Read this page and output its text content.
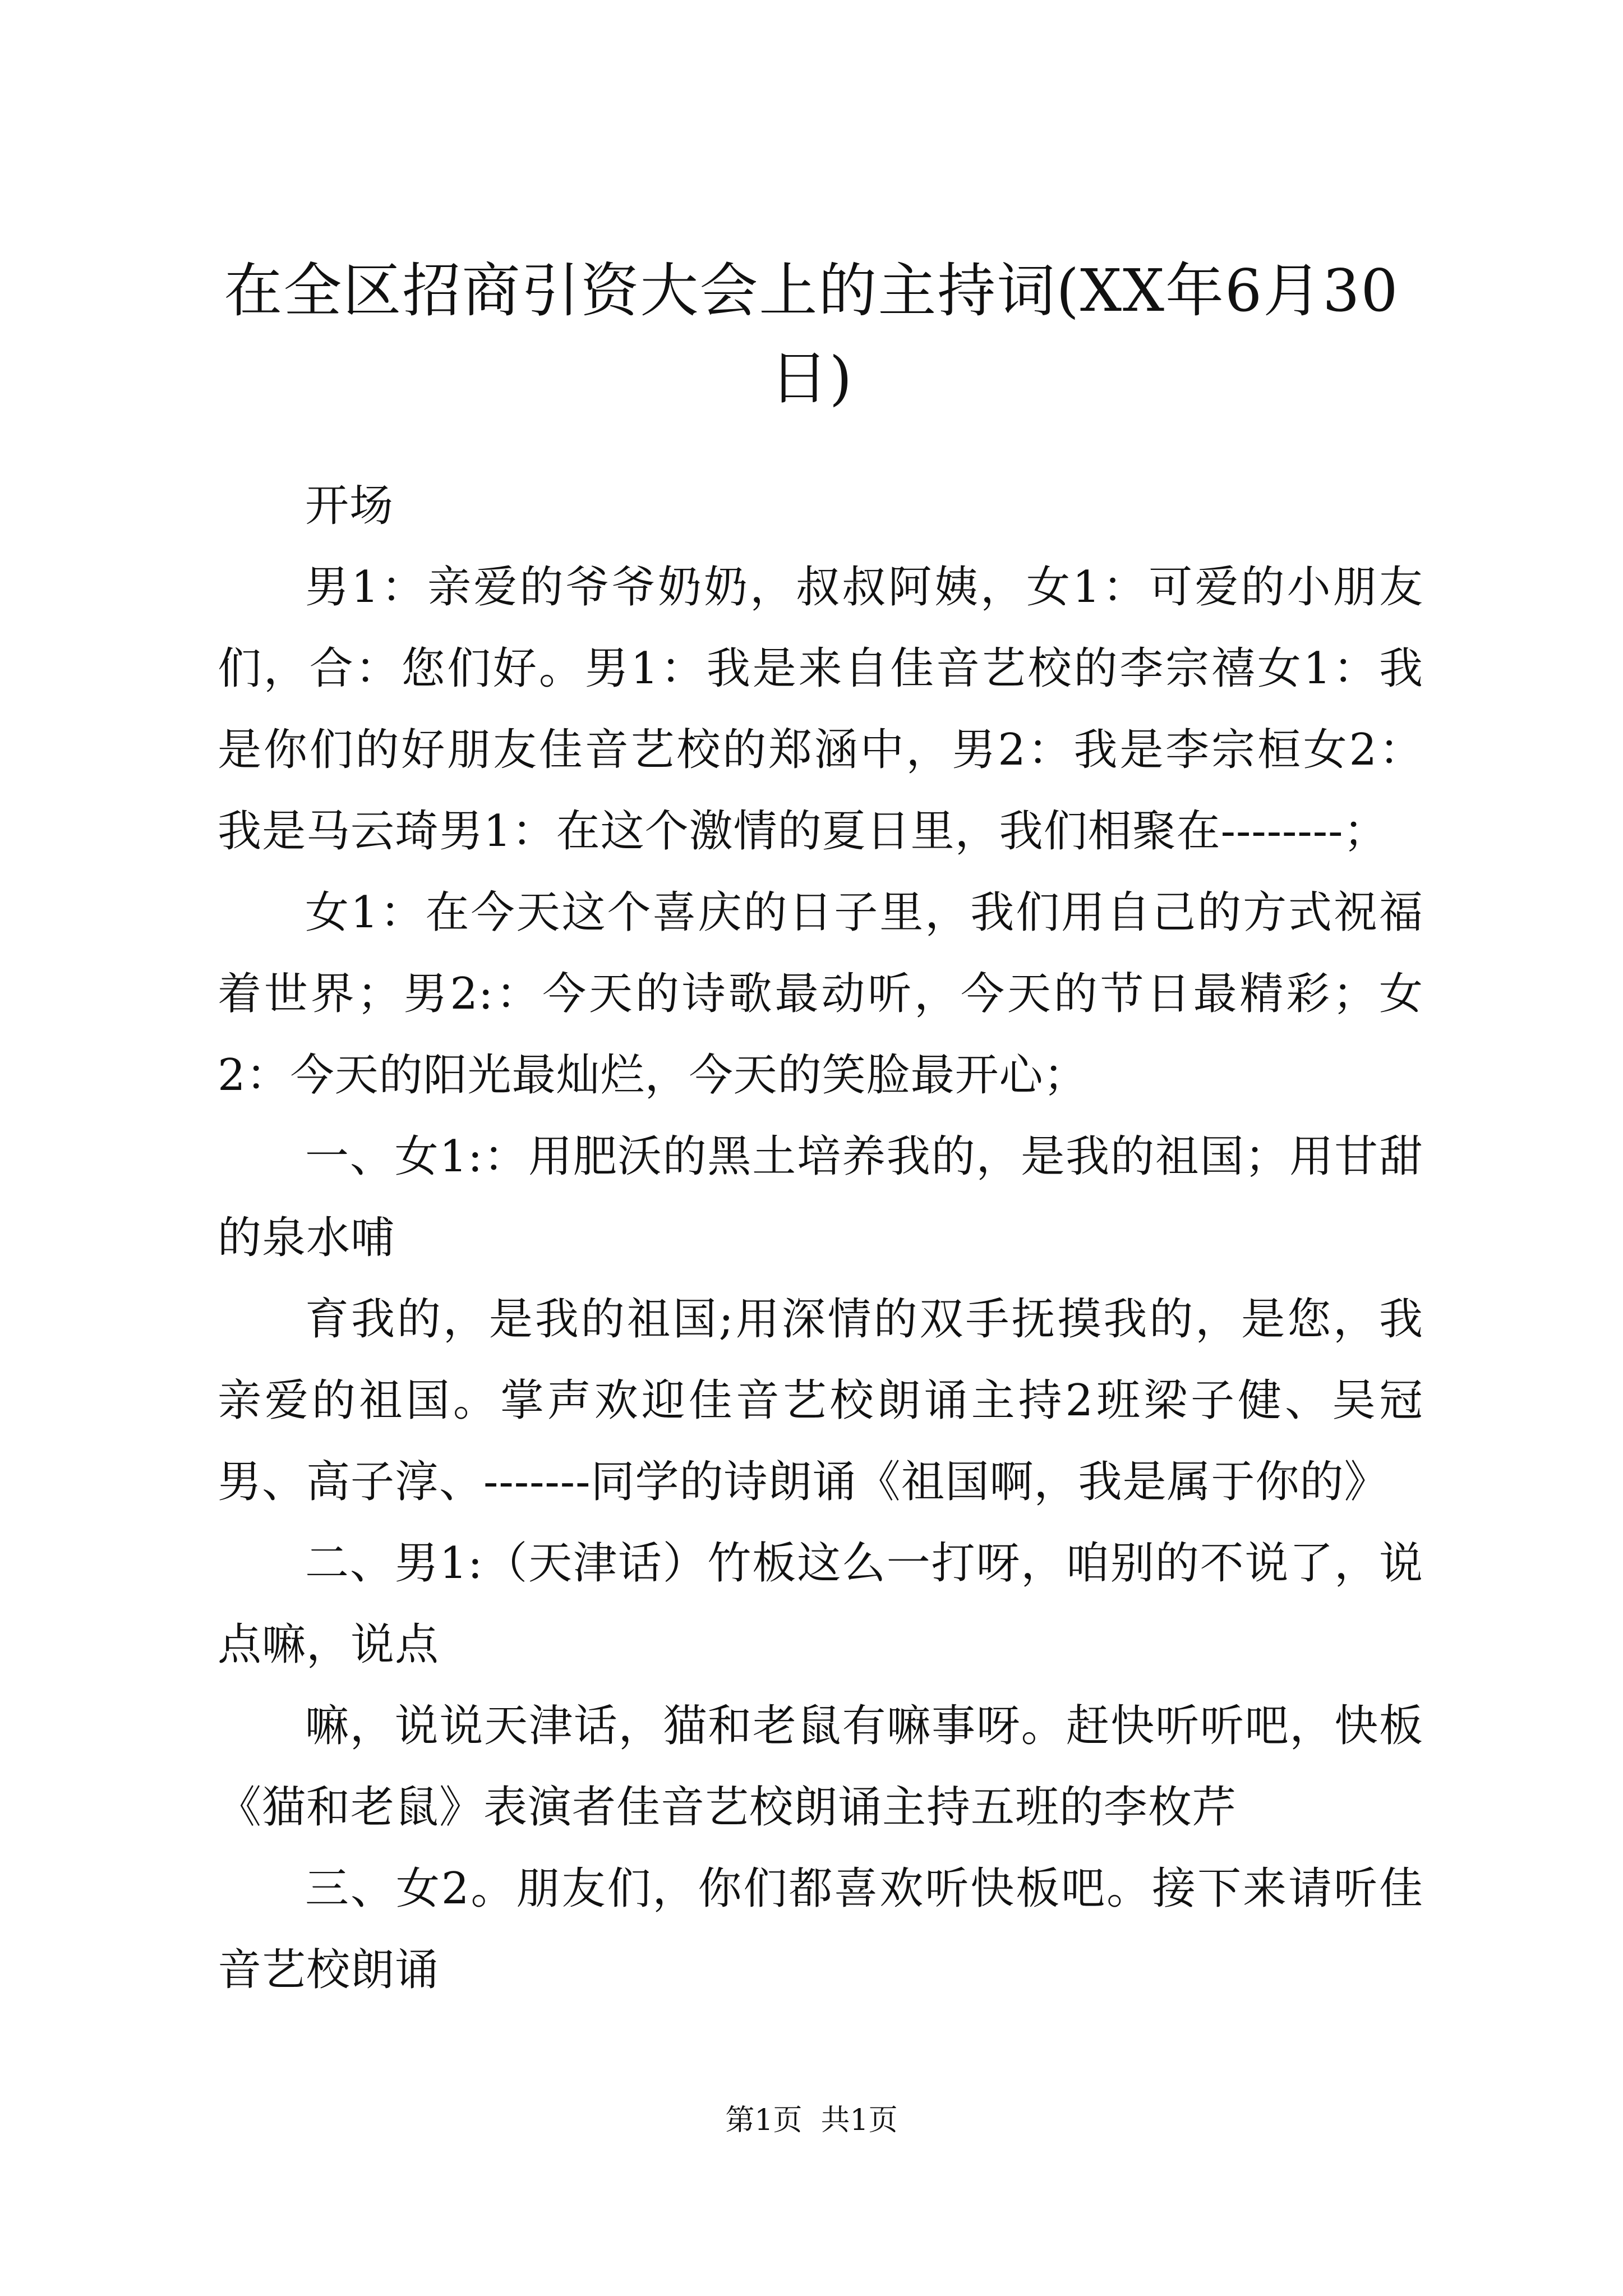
在全区招商引资大会上的主持词(XX年6月30日)

开场

男1：亲爱的爷爷奶奶，叔叔阿姨，女1：可爱的小朋友们，合：您们好。男1：我是来自佳音艺校的李宗禧女1：我是你们的好朋友佳音艺校的郑涵中，男2：我是李宗桓女2：我是马云琦男1：在这个激情的夏日里，我们相聚在--------；

女1：在今天这个喜庆的日子里，我们用自己的方式祝福着世界；男2:：今天的诗歌最动听，今天的节日最精彩；女2：今天的阳光最灿烂，今天的笑脸最开心；

一、女1:：用肥沃的黑土培养我的，是我的祖国；用甘甜的泉水哺

育我的，是我的祖国;用深情的双手抚摸我的，是您，我亲爱的祖国。掌声欢迎佳音艺校朗诵主持2班梁子健、吴冠男、高子淳、-------同学的诗朗诵《祖国啊，我是属于你的》

二、男1:（天津话）竹板这么一打呀，咱别的不说了，说点嘛，说点

嘛，说说天津话，猫和老鼠有嘛事呀。赶快听听吧，快板《猫和老鼠》表演者佳音艺校朗诵主持五班的李枚芹

三、女2。朋友们，你们都喜欢听快板吧。接下来请听佳音艺校朗诵

第1页  共1页
